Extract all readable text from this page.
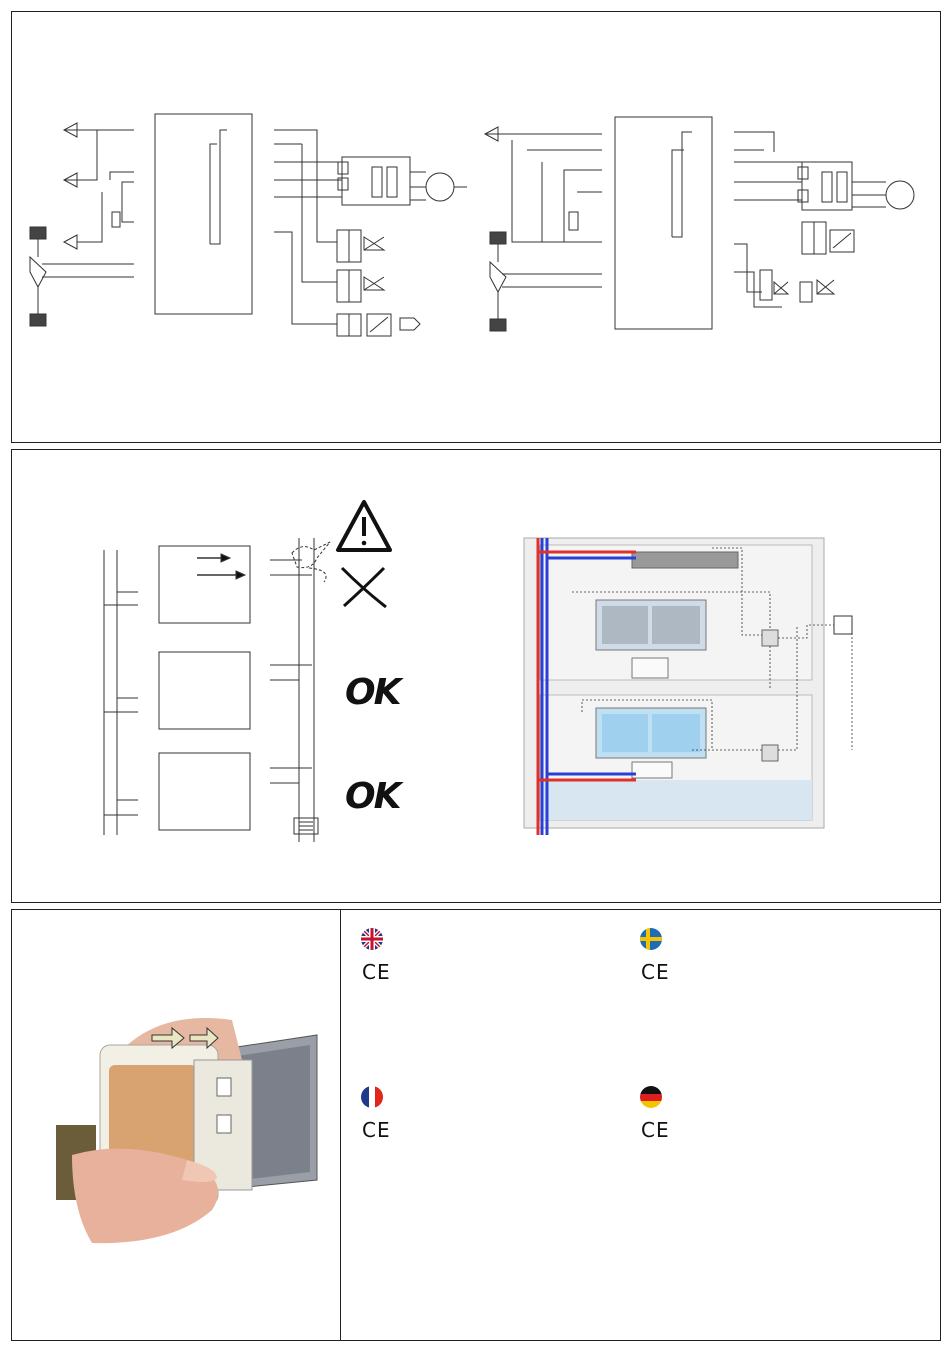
OK
OK
CE	CE
CE	CE
